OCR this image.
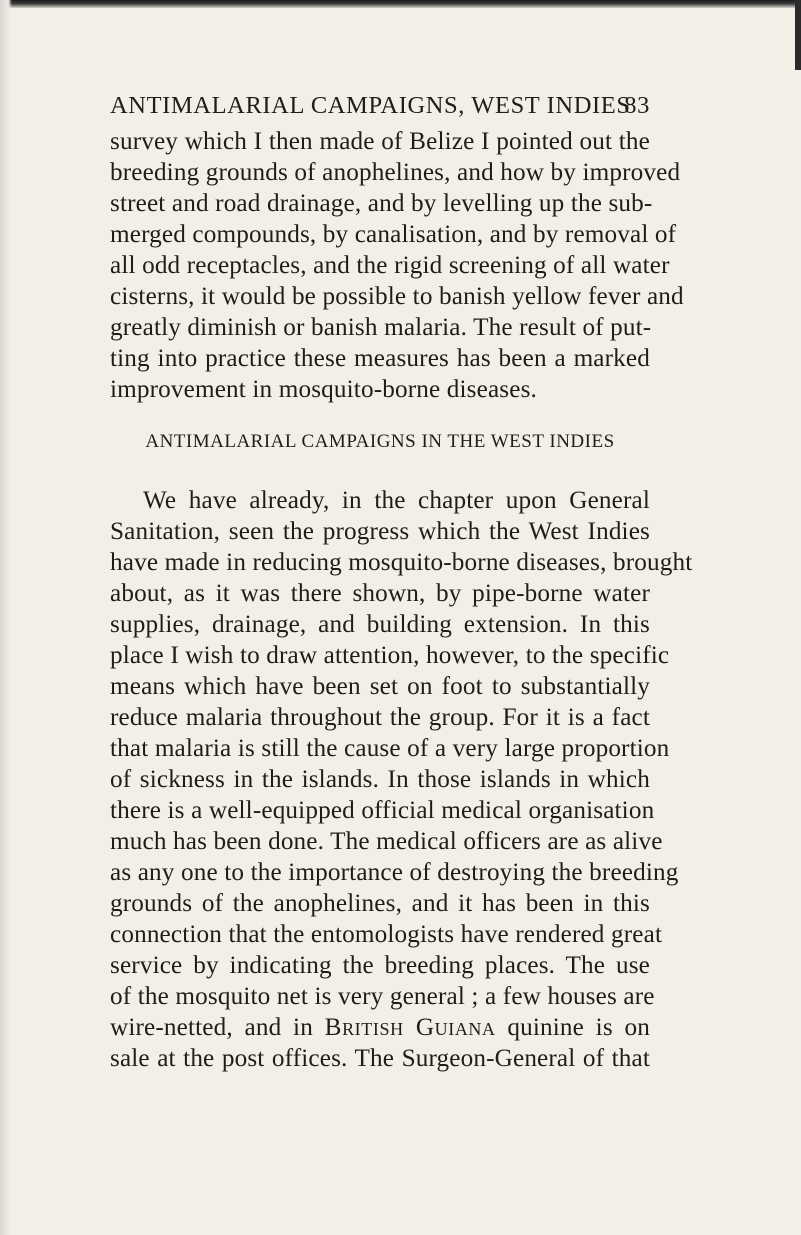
ANTIMALARIAL CAMPAIGNS, WEST INDIES
83
survey which I then made of Belize I pointed out the
breeding grounds of anophelines, and how by improved
street and road drainage, and by levelling up the sub-
merged compounds, by canalisation, and by removal of
all odd receptacles, and the rigid screening of all water
cisterns, it would be possible to banish yellow fever and
greatly diminish or banish malaria. The result of put-
ting into practice these measures has been a marked
improvement in mosquito-borne diseases.
ANTIMALARIAL CAMPAIGNS IN THE WEST INDIES
We have already, in the chapter upon General
Sanitation, seen the progress which the West Indies
have made in reducing mosquito-borne diseases, brought
about, as it was there shown, by pipe-borne water
supplies, drainage, and building extension. In this
place I wish to draw attention, however, to the specific
means which have been set on foot to substantially
reduce malaria throughout the group. For it is a fact
that malaria is still the cause of a very large proportion
of sickness in the islands. In those islands in which
there is a well-equipped official medical organisation
much has been done. The medical officers are as alive
as any one to the importance of destroying the breeding
grounds of the anophelines, and it has been in this
connection that the entomologists have rendered great
service by indicating the breeding places. The use
of the mosquito net is very general ; a few houses are
wire-netted, and in British Guiana quinine is on
sale at the post offices. The Surgeon-General of that
